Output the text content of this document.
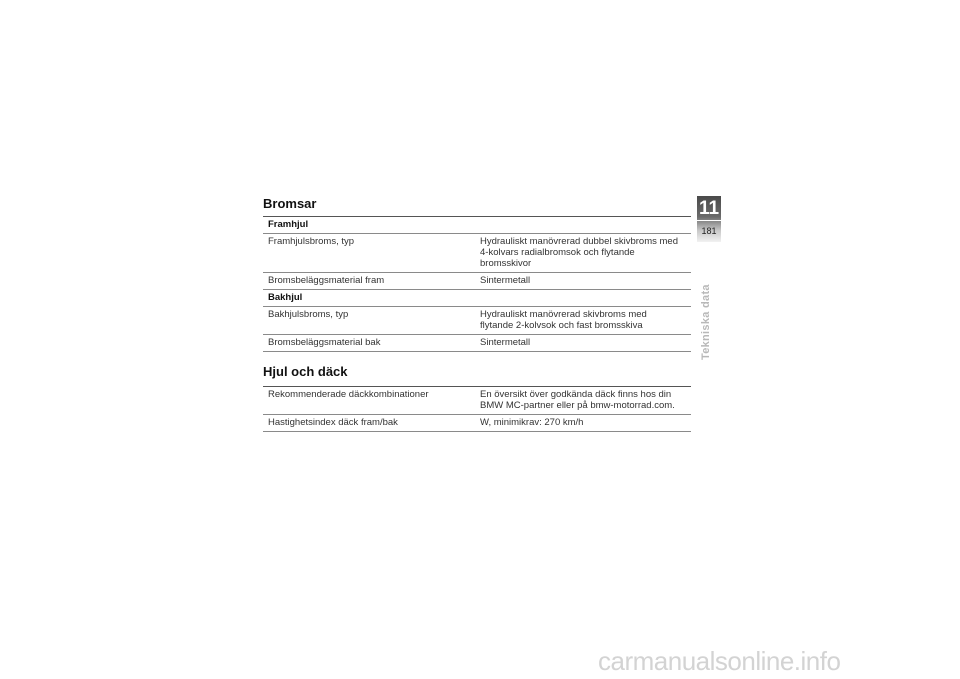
Bromsar
Framhjul
Framhjulsbroms, typ	Hydrauliskt manövrerad dubbel skivbroms med 4-kolvars radialbromsok och flytande bromsskivor
Bromsbeläggsmaterial fram	Sintermetall
Bakhjul
Bakhjulsbroms, typ	Hydrauliskt manövrerad skivbroms med flytande 2-kolvsok och fast bromsskiva
Bromsbeläggsmaterial bak	Sintermetall
Hjul och däck
Rekommenderade däckkombinationer	En översikt över godkända däck finns hos din BMW MC-partner eller på bmw-motorrad.com.
Hastighetsindex däck fram/bak	W, minimikrav: 270 km/h
11
181
Tekniska data
carmanualsonline.info
